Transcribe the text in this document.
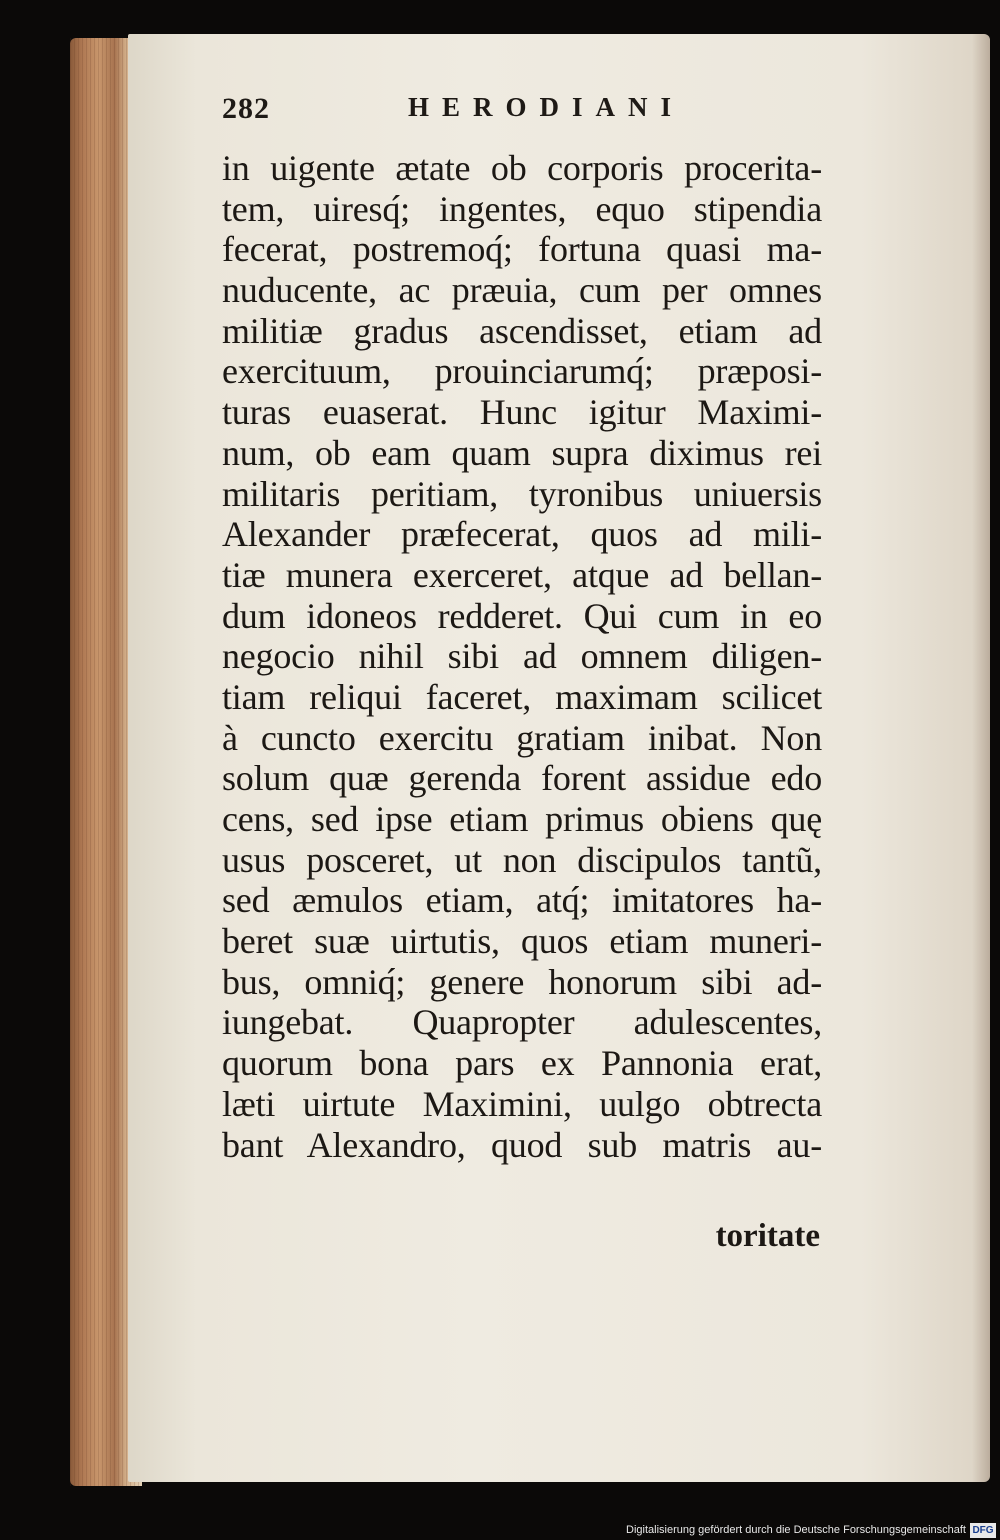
282	HERODIANI
in uigente ætate ob corporis procerita-
tem, uiresq́; ingentes, equo stipendia
fecerat, postremoq́; fortuna quasi ma-
nuducente, ac præuia, cum per omnes
militiæ gradus ascendisset, etiam ad
exercituum, prouinciarumq́; præposi-
turas euaserat. Hunc igitur Maximi-
num, ob eam quam supra diximus rei
militaris peritiam, tyronibus uniuersis
Alexander præfecerat, quos ad mili-
tiæ munera exerceret, atque ad bellan-
dum idoneos redderet. Qui cum in eo
negocio nihil sibi ad omnem diligen-
tiam reliqui faceret, maximam scilicet
à cuncto exercitu gratiam inibat. Non
solum quæ gerenda forent assidue edo
cens, sed ipse etiam primus obiens quę
usus posceret, ut non discipulos tantũ,
sed æmulos etiam, atq́; imitatores ha-
beret suæ uirtutis, quos etiam muneri-
bus, omniq́; genere honorum sibi ad-
iungebat. Quapropter adulescentes,
quorum bona pars ex Pannonia erat,
læti uirtute Maximini, uulgo obtrecta
bant Alexandro, quod sub matris au-
toritate
Digitalisierung gefördert durch die Deutsche Forschungsgemeinschaft DFG
